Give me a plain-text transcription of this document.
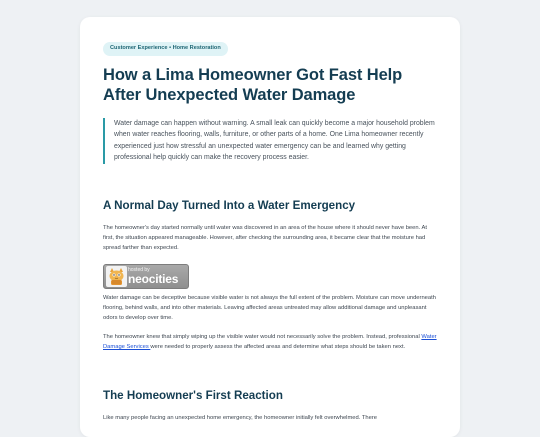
Customer Experience • Home Restoration
How a Lima Homeowner Got Fast Help After Unexpected Water Damage

Water damage can happen without warning. A small leak can quickly become a major household problem when water reaches flooring, walls, furniture, or other parts of a home. One Lima homeowner recently experienced just how stressful an unexpected water emergency can be and learned why getting professional help quickly can make the recovery process easier.

A Normal Day Turned Into a Water Emergency

The homeowner's day started normally until water was discovered in an area of the house where it should never have been. At first, the situation appeared manageable. However, after checking the surrounding area, it became clear that the moisture had spread farther than expected.

hosted by
neocities

Water damage can be deceptive because visible water is not always the full extent of the problem. Moisture can move underneath flooring, behind walls, and into other materials. Leaving affected areas untreated may allow additional damage and unpleasant odors to develop over time.

The homeowner knew that simply wiping up the visible water would not necessarily solve the problem. Instead, professional Water Damage Services were needed to properly assess the affected areas and determine what steps should be taken next.

The Homeowner's First Reaction

Like many people facing an unexpected home emergency, the homeowner initially felt overwhelmed. There
